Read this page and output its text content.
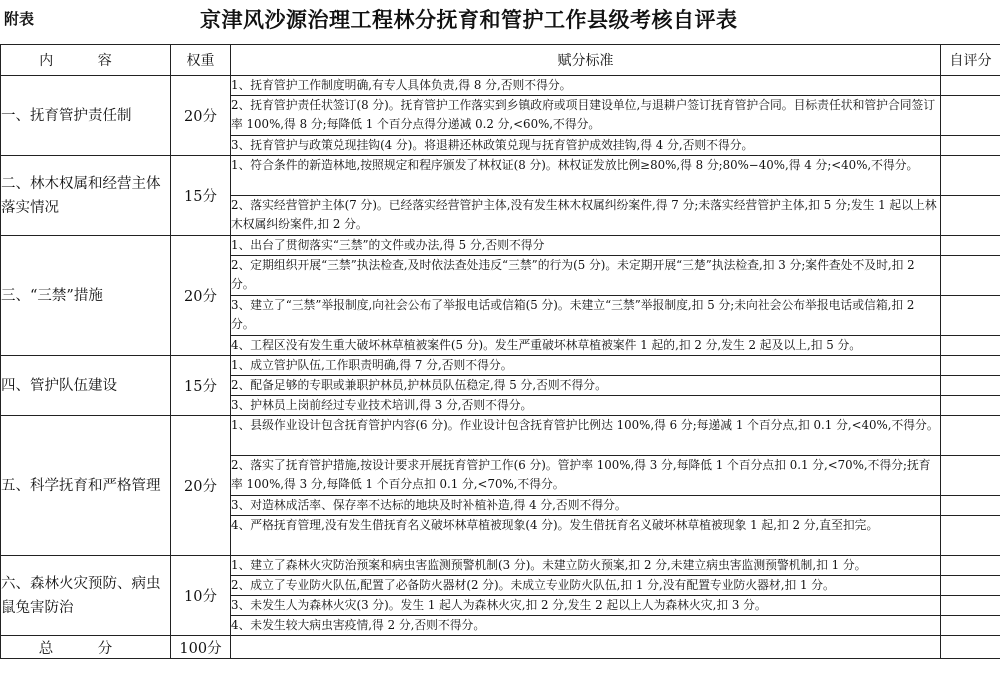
附表	京津风沙源治理工程林分抚育和管护工作县级考核自评表
内 容	权重	赋分标准	自评分
一、抚育管护责任制	20分	1、抚育管护工作制度明确,有专人具体负责,得 8 分,否则不得分。	
		2、抚育管护责任状签订(8 分)。抚育管护工作落实到乡镇政府或项目建设单位,与退耕户签订抚育管护合同。目标责任状和管护合同签订率 100%,得 8 分;每降低 1 个百分点得分递减 0.2 分,<60%,不得分。	
		3、抚育管护与政策兑现挂钩(4 分)。将退耕还林政策兑现与抚育管护成效挂钩,得 4 分,否则不得分。	
二、林木权属和经营主体落实情况	15分	1、符合条件的新造林地,按照规定和程序颁发了林权证(8 分)。林权证发放比例≥80%,得 8 分;80%−40%,得 4 分;<40%,不得分。	
		2、落实经营管护主体(7 分)。已经落实经营管护主体,没有发生林木权属纠纷案件,得 7 分;未落实经营管护主体,扣 5 分;发生 1 起以上林木权属纠纷案件,扣 2 分。	
三、“三禁”措施	20分	1、出台了贯彻落实“三禁”的文件或办法,得 5 分,否则不得分	
		2、定期组织开展“三禁”执法检查,及时依法查处违反“三禁”的行为(5 分)。未定期开展“三楚”执法检查,扣 3 分;案件查处不及时,扣 2 分。	
		3、建立了“三禁”举报制度,向社会公布了举报电话或信箱(5 分)。未建立“三禁”举报制度,扣 5 分;未向社会公布举报电话或信箱,扣 2 分。	
		4、工程区没有发生重大破坏林草植被案件(5 分)。发生严重破坏林草植被案件 1 起的,扣 2 分,发生 2 起及以上,扣 5 分。	
四、管护队伍建设	15分	1、成立管护队伍,工作职责明确,得 7 分,否则不得分。	
		2、配备足够的专职或兼职护林员,护林员队伍稳定,得 5 分,否则不得分。	
		3、护林员上岗前经过专业技术培训,得 3 分,否则不得分。	
五、科学抚育和严格管理	20分	1、县级作业设计包含抚育管护内容(6 分)。作业设计包含抚育管护比例达 100%,得 6 分;每递减 1 个百分点,扣 0.1 分,<40%,不得分。	
		2、落实了抚育管护措施,按设计要求开展抚育管护工作(6 分)。管护率 100%,得 3 分,每降低 1 个百分点扣 0.1 分,<70%,不得分;抚育率 100%,得 3 分,每降低 1 个百分点扣 0.1 分,<70%,不得分。	
		3、对造林成活率、保存率不达标的地块及时补植补造,得 4 分,否则不得分。	
		4、严格抚育管理,没有发生借抚育名义破坏林草植被现象(4 分)。发生借抚育名义破坏林草植被现象 1 起,扣 2 分,直至扣完。	
六、森林火灾预防、病虫鼠兔害防治	10分	1、建立了森林火灾防治预案和病虫害监测预警机制(3 分)。未建立防火预案,扣 2 分,未建立病虫害监测预警机制,扣 1 分。	
		2、成立了专业防火队伍,配置了必备防火器材(2 分)。未成立专业防火队伍,扣 1 分,没有配置专业防火器材,扣 1 分。	
		3、未发生人为森林火灾(3 分)。发生 1 起人为森林火灾,扣 2 分,发生 2 起以上人为森林火灾,扣 3 分。	
		4、未发生较大病虫害疫情,得 2 分,否则不得分。	
总 分	100分		
